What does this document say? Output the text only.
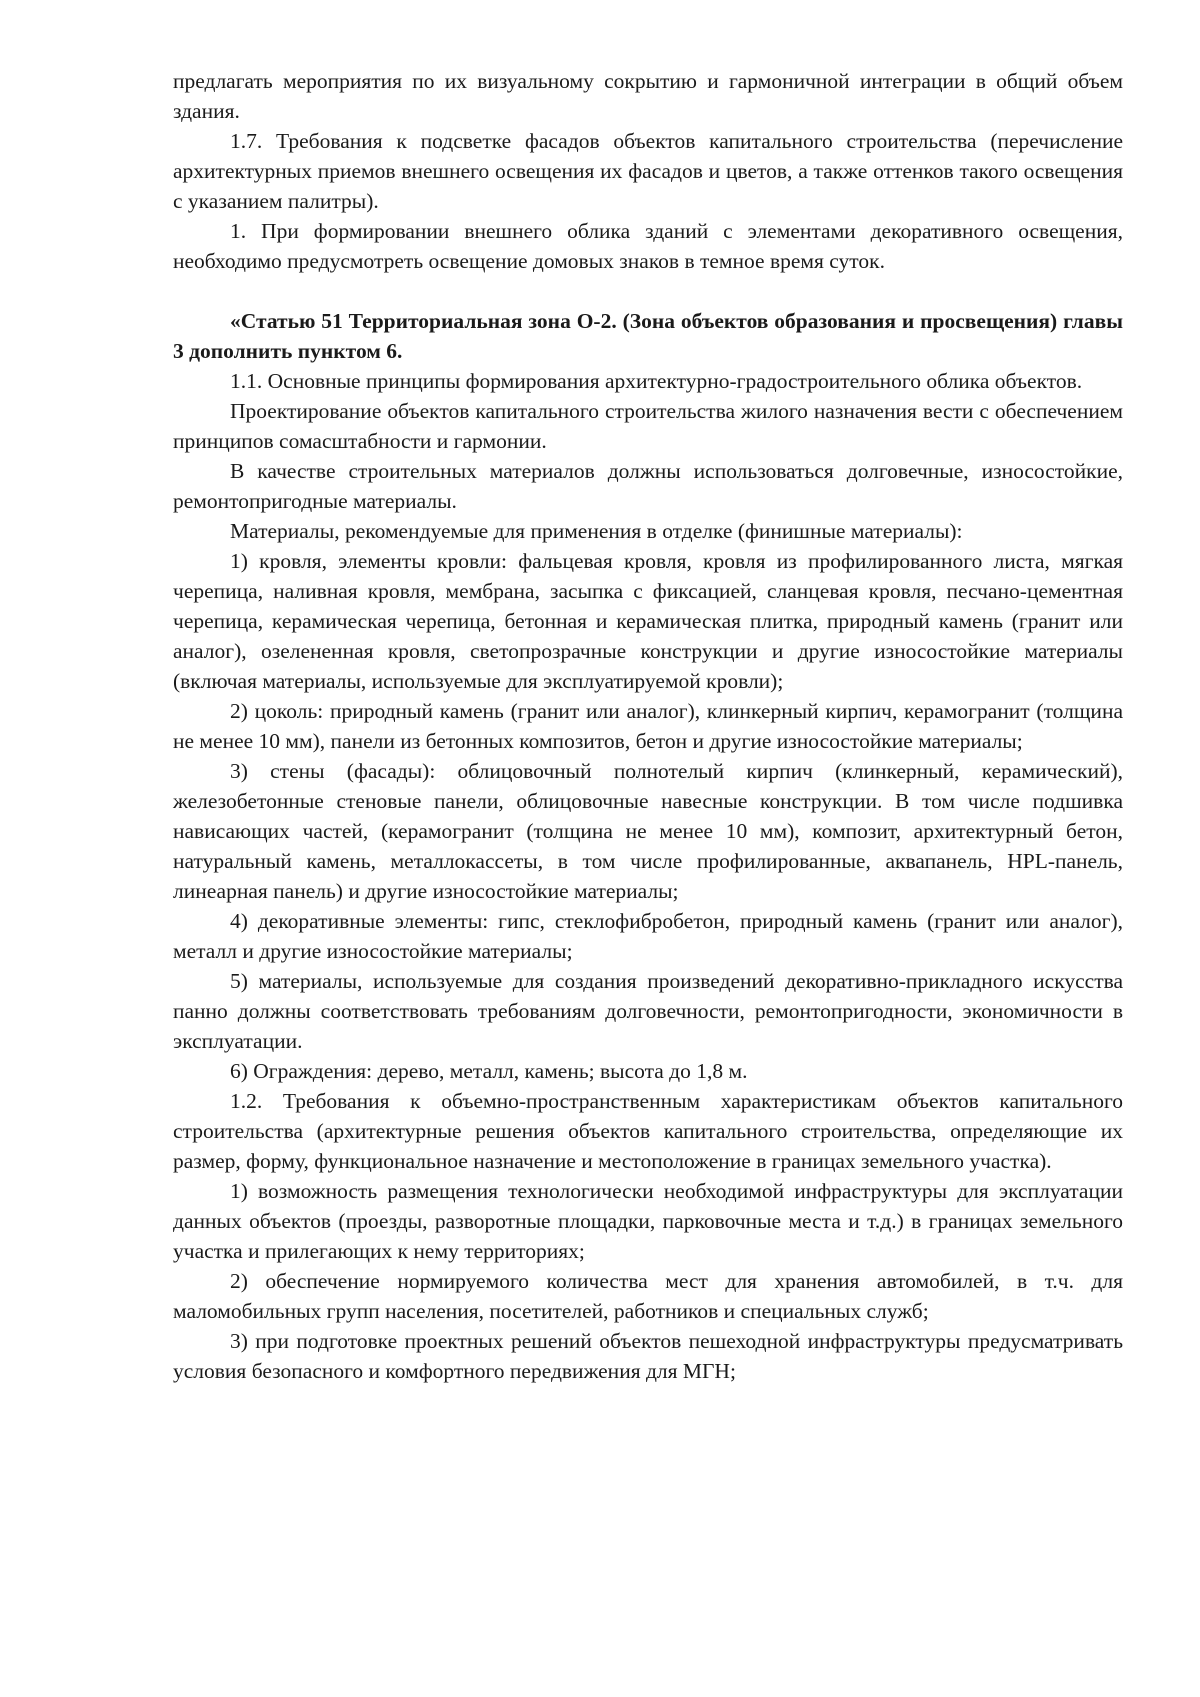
предлагать мероприятия по их визуальному сокрытию и гармоничной интеграции в общий объем здания.

1.7. Требования к подсветке фасадов объектов капитального строительства (перечисление архитектурных приемов внешнего освещения их фасадов и цветов, а также оттенков такого освещения с указанием палитры).

1. При формировании внешнего облика зданий с элементами декоративного освещения, необходимо предусмотреть освещение домовых знаков в темное время суток.

«Статью 51 Территориальная зона О-2. (Зона объектов образования и просвещения) главы 3 дополнить пунктом 6.

1.1. Основные принципы формирования архитектурно-градостроительного облика объектов.

Проектирование объектов капитального строительства жилого назначения вести с обеспечением принципов сомасштабности и гармонии.

В качестве строительных материалов должны использоваться долговечные, износостойкие, ремонтопригодные материалы.

Материалы, рекомендуемые для применения в отделке (финишные материалы):

1) кровля, элементы кровли: фальцевая кровля, кровля из профилированного листа, мягкая черепица, наливная кровля, мембрана, засыпка с фиксацией, сланцевая кровля, песчано-цементная черепица, керамическая черепица, бетонная и керамическая плитка, природный камень (гранит или аналог), озелененная кровля, светопрозрачные конструкции и другие износостойкие материалы (включая материалы, используемые для эксплуатируемой кровли);

2) цоколь: природный камень (гранит или аналог), клинкерный кирпич, керамогранит (толщина не менее 10 мм), панели из бетонных композитов, бетон и другие износостойкие материалы;

3) стены (фасады): облицовочный полнотелый кирпич (клинкерный, керамический), железобетонные стеновые панели, облицовочные навесные конструкции. В том числе подшивка нависающих частей, (керамогранит (толщина не менее 10 мм), композит, архитектурный бетон, натуральный камень, металлокассеты, в том числе профилированные, аквапанель, HPL-панель, линеарная панель) и другие износостойкие материалы;

4) декоративные элементы: гипс, стеклофибробетон, природный камень (гранит или аналог), металл и другие износостойкие материалы;

5) материалы, используемые для создания произведений декоративно-прикладного искусства панно должны соответствовать требованиям долговечности, ремонтопригодности, экономичности в эксплуатации.

6) Ограждения: дерево, металл, камень; высота до 1,8 м.

1.2. Требования к объемно-пространственным характеристикам объектов капитального строительства (архитектурные решения объектов капитального строительства, определяющие их размер, форму, функциональное назначение и местоположение в границах земельного участка).

1) возможность размещения технологически необходимой инфраструктуры для эксплуатации данных объектов (проезды, разворотные площадки, парковочные места и т.д.) в границах земельного участка и прилегающих к нему территориях;

2) обеспечение нормируемого количества мест для хранения автомобилей, в т.ч. для маломобильных групп населения, посетителей, работников и специальных служб;

3) при подготовке проектных решений объектов пешеходной инфраструктуры предусматривать условия безопасного и комфортного передвижения для МГН;
